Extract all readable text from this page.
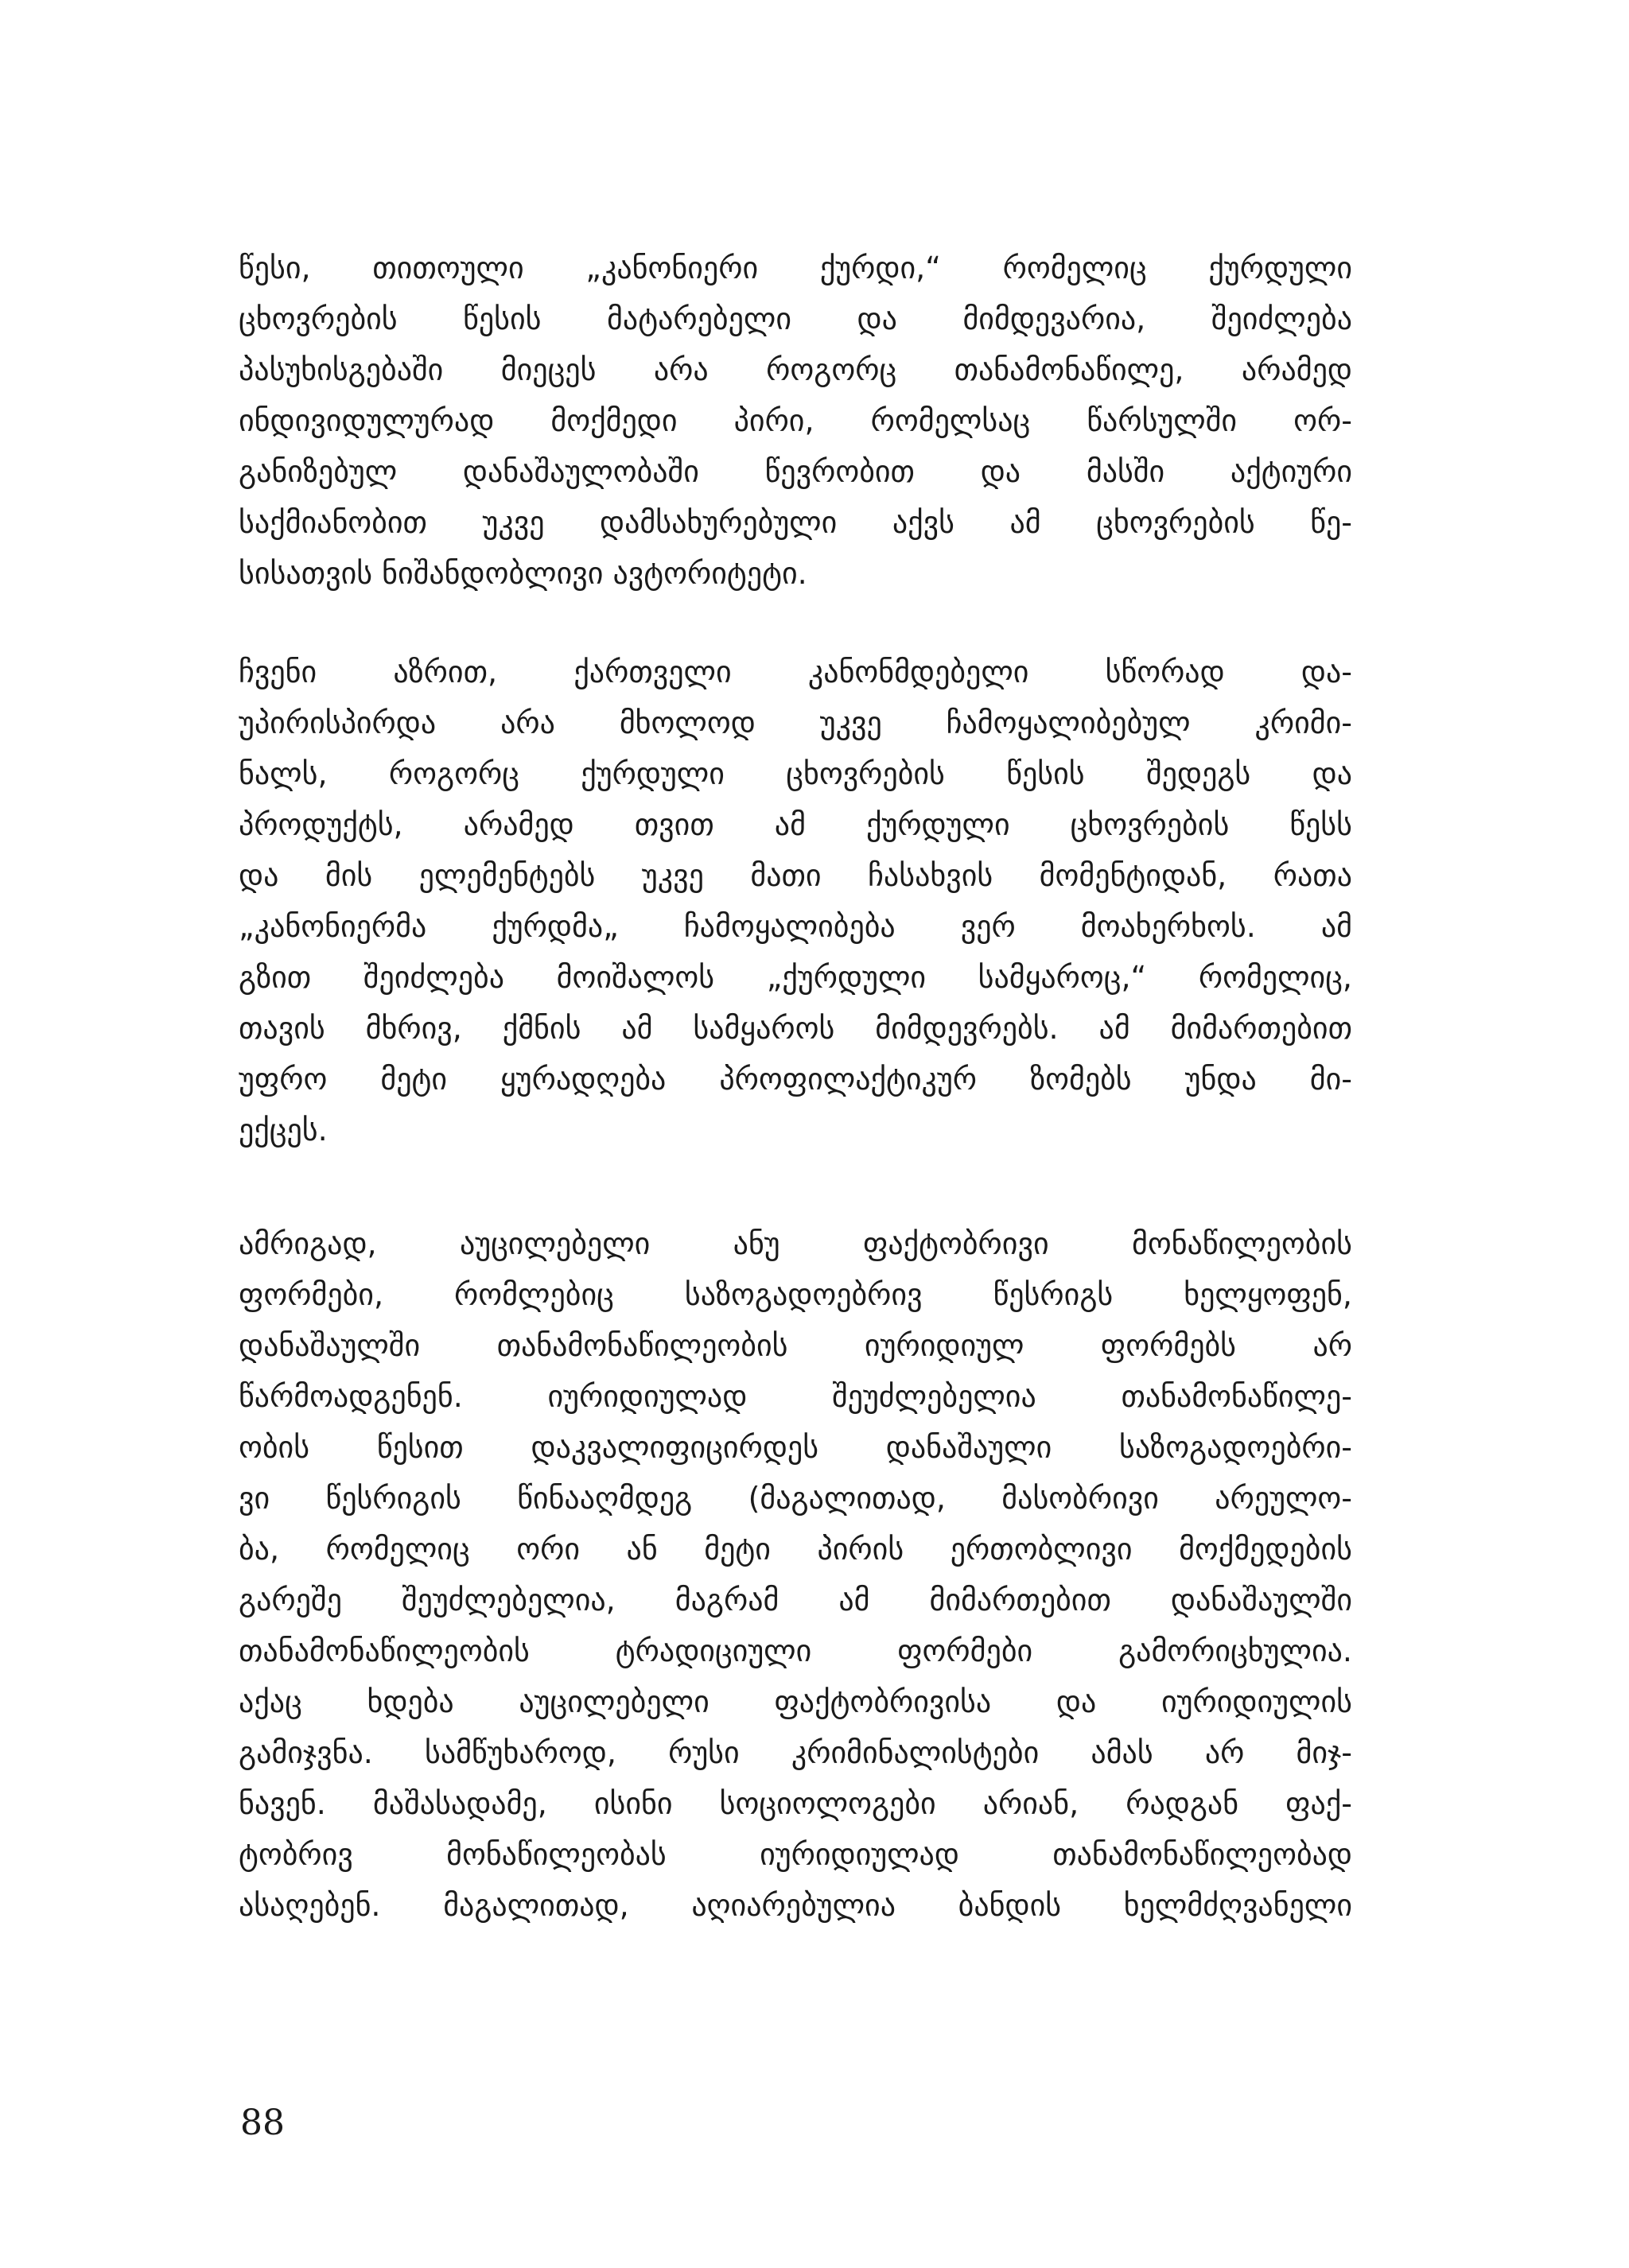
წესი, თითოული „კანონიერი ქურდი,“ რომელიც ქურდული
ცხოვრების წესის მატარებელი და მიმდევარია, შეიძლება
პასუხისგებაში მიეცეს არა როგორც თანამონაწილე, არამედ
ინდივიდულურად მოქმედი პირი, რომელსაც წარსულში ორ-
განიზებულ დანაშაულობაში წევრობით და მასში აქტიური
საქმიანობით უკვე დამსახურებული აქვს ამ ცხოვრების წე-
სისათვის ნიშანდობლივი ავტორიტეტი.
ჩვენი აზრით, ქართველი კანონმდებელი სწორად და-
უპირისპირდა არა მხოლოდ უკვე ჩამოყალიბებულ კრიმი-
ნალს, როგორც ქურდული ცხოვრების წესის შედეგს და
პროდუქტს, არამედ თვით ამ ქურდული ცხოვრების წესს
და მის ელემენტებს უკვე მათი ჩასახვის მომენტიდან, რათა
„კანონიერმა ქურდმა„ ჩამოყალიბება ვერ მოახერხოს. ამ
გზით შეიძლება მოიშალოს „ქურდული სამყაროც,“ რომელიც,
თავის მხრივ, ქმნის ამ სამყაროს მიმდევრებს. ამ მიმართებით
უფრო მეტი ყურადღება პროფილაქტიკურ ზომებს უნდა მი-
ექცეს.
ამრიგად, აუცილებელი ანუ ფაქტობრივი მონაწილეობის
ფორმები, რომლებიც საზოგადოებრივ წესრიგს ხელყოფენ,
დანაშაულში თანამონაწილეობის იურიდიულ ფორმებს არ
წარმოადგენენ. იურიდიულად შეუძლებელია თანამონაწილე-
ობის წესით დაკვალიფიცირდეს დანაშაული საზოგადოებრი-
ვი წესრიგის წინააღმდეგ (მაგალითად, მასობრივი არეულო-
ბა, რომელიც ორი ან მეტი პირის ერთობლივი მოქმედების
გარეშე შეუძლებელია, მაგრამ ამ მიმართებით დანაშაულში
თანამონაწილეობის ტრადიციული ფორმები გამორიცხულია.
აქაც ხდება აუცილებელი ფაქტობრივისა და იურიდიულის
გამიჯვნა. სამწუხაროდ, რუსი კრიმინალისტები ამას არ მიჯ-
ნავენ. მაშასადამე, ისინი სოციოლოგები არიან, რადგან ფაქ-
ტობრივ მონაწილეობას იურიდიულად თანამონაწილეობად
ასაღებენ. მაგალითად, აღიარებულია ბანდის ხელმძღვანელი
88
